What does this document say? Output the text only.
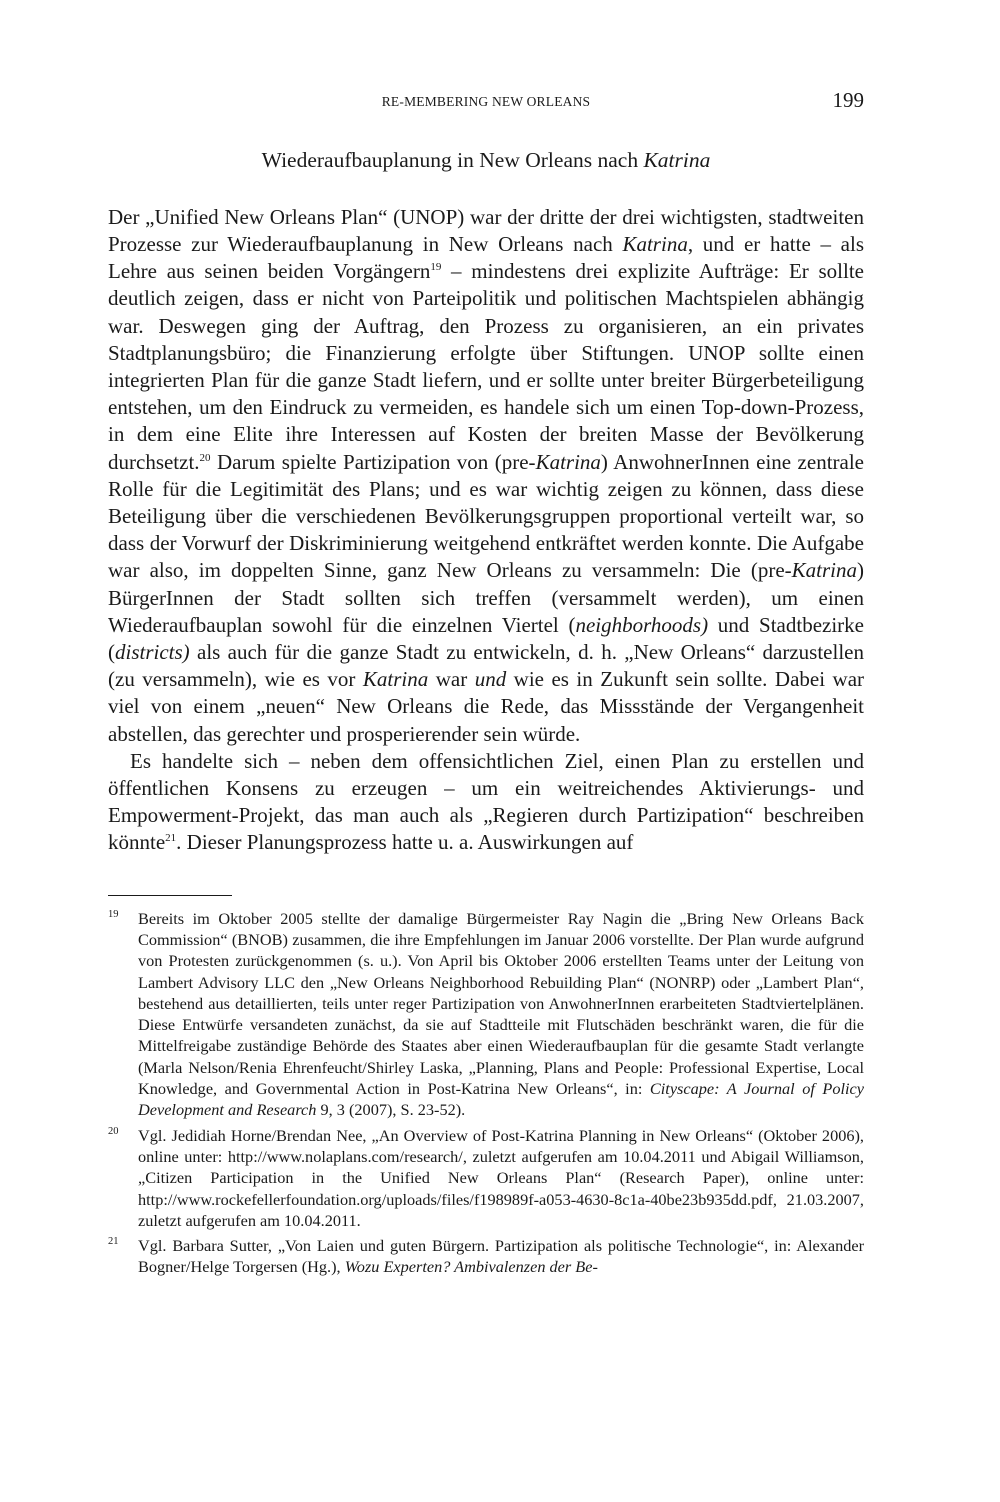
RE-MEMBERING NEW ORLEANS	199
Wiederaufbauplanung in New Orleans nach Katrina

Der „Unified New Orleans Plan“ (UNOP) war der dritte der drei wichtigsten, stadtweiten Prozesse zur Wiederaufbauplanung in New Orleans nach Katrina, und er hatte – als Lehre aus seinen beiden Vorgängern$^{19}$ – mindestens drei explizite Aufträge: Er sollte deutlich zeigen, dass er nicht von Parteipolitik und politischen Machtspielen abhängig war. Deswegen ging der Auftrag, den Prozess zu organisieren, an ein privates Stadtplanungsbüro; die Finanzierung erfolgte über Stiftungen. UNOP sollte einen integrierten Plan für die ganze Stadt liefern, und er sollte unter breiter Bürgerbeteiligung entstehen, um den Eindruck zu vermeiden, es handele sich um einen Top-down-Prozess, in dem eine Elite ihre Interessen auf Kosten der breiten Masse der Bevölkerung durchsetzt.$^{20}$ Darum spielte Partizipation von (pre-Katrina) AnwohnerInnen eine zentrale Rolle für die Legitimität des Plans; und es war wichtig zeigen zu können, dass diese Beteiligung über die verschiedenen Bevölkerungsgruppen proportional verteilt war, so dass der Vorwurf der Diskriminierung weitgehend entkräftet werden konnte. Die Aufgabe war also, im doppelten Sinne, ganz New Orleans zu versammeln: Die (pre-Katrina) BürgerInnen der Stadt sollten sich treffen (versammelt werden), um einen Wiederaufbauplan sowohl für die einzelnen Viertel (neighborhoods) und Stadtbezirke (districts) als auch für die ganze Stadt zu entwickeln, d. h. „New Orleans“ darzustellen (zu versammeln), wie es vor Katrina war und wie es in Zukunft sein sollte. Dabei war viel von einem „neuen“ New Orleans die Rede, das Missstände der Vergangenheit abstellen, das gerechter und prosperierender sein würde.

Es handelte sich – neben dem offensichtlichen Ziel, einen Plan zu erstellen und öffentlichen Konsens zu erzeugen – um ein weitreichendes Aktivierungs- und Empowerment-Projekt, das man auch als „Regieren durch Partizipation“ beschreiben könnte$^{21}$. Dieser Planungsprozess hatte u. a. Auswirkungen auf

19 Bereits im Oktober 2005 stellte der damalige Bürgermeister Ray Nagin die „Bring New Orleans Back Commission“ (BNOB) zusammen, die ihre Empfehlungen im Januar 2006 vorstellte. Der Plan wurde aufgrund von Protesten zurückgenommen (s. u.). Von April bis Oktober 2006 erstellten Teams unter der Leitung von Lambert Advisory LLC den „New Orleans Neighborhood Rebuilding Plan“ (NONRP) oder „Lambert Plan“, bestehend aus detaillierten, teils unter reger Partizipation von AnwohnerInnen erarbeiteten Stadtviertelplänen. Diese Entwürfe versandeten zunächst, da sie auf Stadtteile mit Flutschäden beschränkt waren, die für die Mittelfreigabe zuständige Behörde des Staates aber einen Wiederaufbauplan für die gesamte Stadt verlangte (Marla Nelson/Renia Ehrenfeucht/Shirley Laska, „Planning, Plans and People: Professional Expertise, Local Knowledge, and Governmental Action in Post-Katrina New Orleans“, in: Cityscape: A Journal of Policy Development and Research 9, 3 (2007), S. 23-52).

20 Vgl. Jedidiah Horne/Brendan Nee, „An Overview of Post-Katrina Planning in New Orleans“ (Oktober 2006), online unter: http://www.nolaplans.com/research/, zuletzt aufgerufen am 10.04.2011 und Abigail Williamson, „Citizen Participation in the Unified New Orleans Plan“ (Research Paper), online unter: http://www.rockefellerfoundation.org/uploads/files/f198989f-a053-4630-8c1a-40be23b935dd.pdf, 21.03.2007, zuletzt aufgerufen am 10.04.2011.

21 Vgl. Barbara Sutter, „Von Laien und guten Bürgern. Partizipation als politische Technologie“, in: Alexander Bogner/Helge Torgersen (Hg.), Wozu Experten? Ambivalenzen der Be-
